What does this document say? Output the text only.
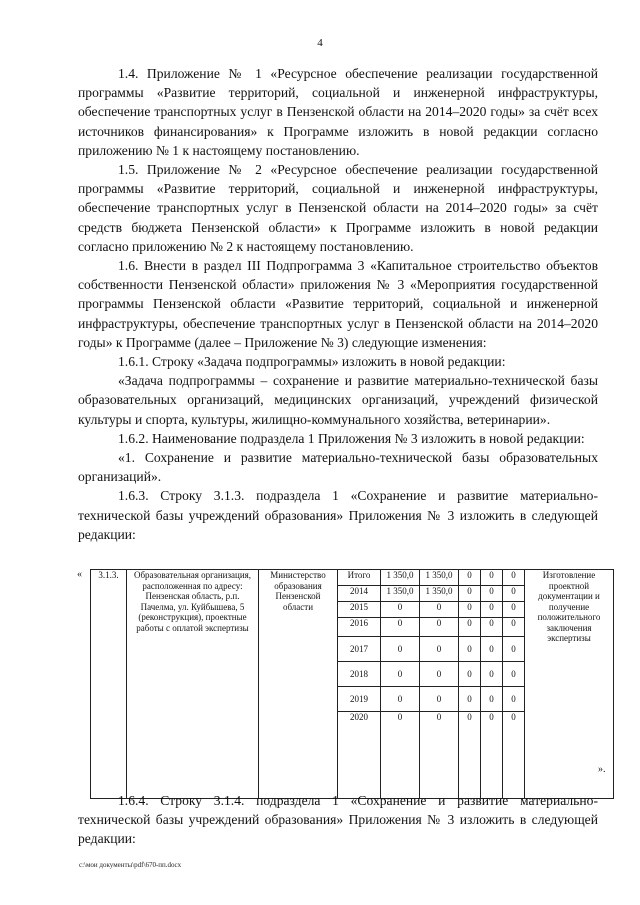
4

1.4. Приложение № 1 «Ресурсное обеспечение реализации государственной программы «Развитие территорий, социальной и инженерной инфраструктуры, обеспечение транспортных услуг в Пензенской области на 2014–2020 годы» за счёт всех источников финансирования» к Программе изложить в новой редакции согласно приложению № 1 к настоящему постановлению.

1.5. Приложение № 2 «Ресурсное обеспечение реализации государственной программы «Развитие территорий, социальной и инженерной инфраструктуры, обеспечение транспортных услуг в Пензенской области на 2014–2020 годы» за счёт средств бюджета Пензенской области» к Программе изложить в новой редакции согласно приложению № 2 к настоящему постановлению.

1.6. Внести в раздел III Подпрограмма 3 «Капитальное строительство объектов собственности Пензенской области» приложения № 3 «Мероприятия государственной программы Пензенской области «Развитие территорий, социальной и инженерной инфраструктуры, обеспечение транспортных услуг в Пензенской области на 2014–2020 годы» к Программе (далее – Приложение № 3) следующие изменения:

1.6.1. Строку «Задача подпрограммы» изложить в новой редакции:

«Задача подпрограммы – сохранение и развитие материально-технической базы образовательных организаций, медицинских организаций, учреждений физической культуры и спорта, культуры, жилищно-коммунального хозяйства, ветеринарии».

1.6.2. Наименование подраздела 1 Приложения № 3 изложить в новой редакции:

«1. Сохранение и развитие материально-технической базы образовательных организаций».

1.6.3. Строку 3.1.3. подраздела 1 «Сохранение и развитие материально-технической базы учреждений образования» Приложения № 3 изложить в следующей редакции:

« 3.1.3.	Образовательная организация, расположенная по адресу: Пензенская область, р.п. Пачелма, ул. Куйбышева, 5 (реконструкция), проектные работы с оплатой экспертизы	Министерство образования Пензенской области	Итого	1 350,0	1 350,0	0	0	0	Изготовление проектной документации и получение положительного заключения экспертизы
			2014	1 350,0	1 350,0	0	0	0	
			2015	0	0	0	0	0	
			2016	0	0	0	0	0	
			2017	0	0	0	0	0	
			2018	0	0	0	0	0	
			2019	0	0	0	0	0	
			2020	0	0	0	0	0	
».

1.6.4. Строку 3.1.4. подраздела 1 «Сохранение и развитие материально-технической базы учреждений образования» Приложения № 3 изложить в следующей редакции:

c:\мои документы\pdf\670-пп.docx
